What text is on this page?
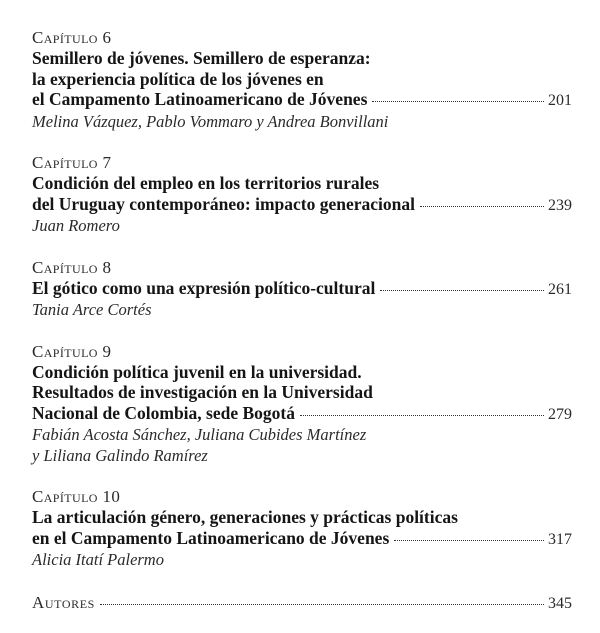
Capítulo 6
Semillero de jóvenes. Semillero de esperanza:
la experiencia política de los jóvenes en
el Campamento Latinoamericano de Jóvenes	201
Melina Vázquez, Pablo Vommaro y Andrea Bonvillani
Capítulo 7
Condición del empleo en los territorios rurales
del Uruguay contemporáneo: impacto generacional	239
Juan Romero
Capítulo 8
El gótico como una expresión político-cultural	261
Tania Arce Cortés
Capítulo 9
Condición política juvenil en la universidad.
Resultados de investigación en la Universidad
Nacional de Colombia, sede Bogotá	279
Fabián Acosta Sánchez, Juliana Cubides Martínez
y Liliana Galindo Ramírez
Capítulo 10
La articulación género, generaciones y prácticas políticas
en el Campamento Latinoamericano de Jóvenes	317
Alicia Itatí Palermo
Autores	345
